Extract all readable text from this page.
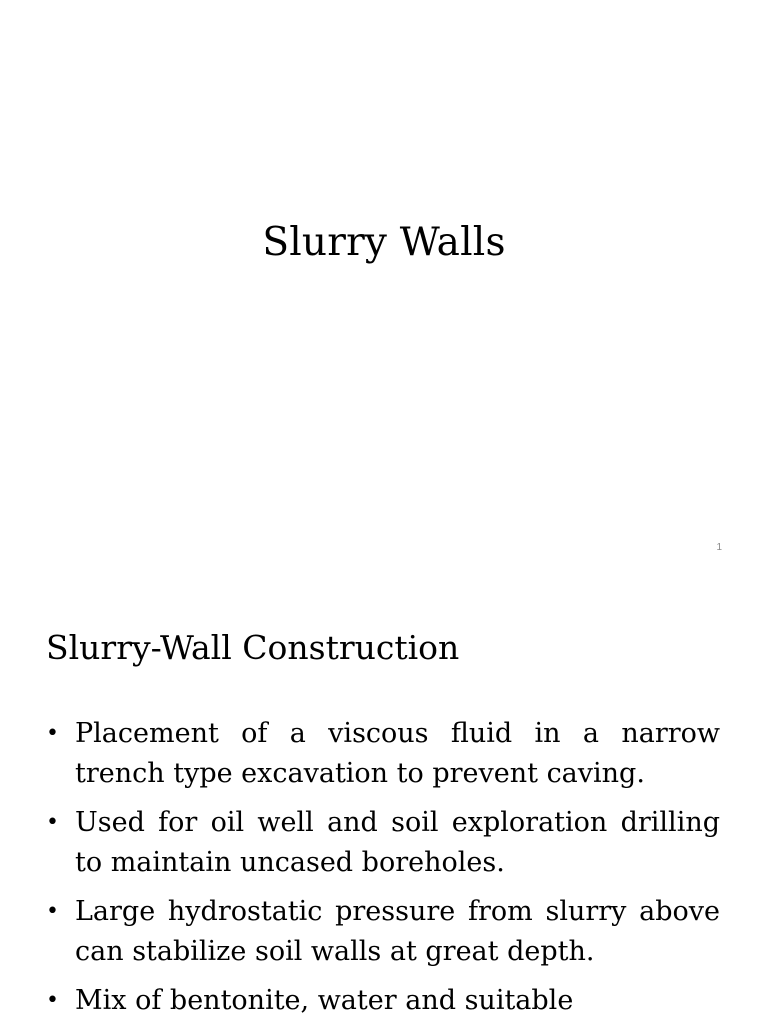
Slurry Walls
1
Slurry-Wall Construction
• Placement of a viscous fluid in a narrow trench type excavation to prevent caving.
• Used for oil well and soil exploration drilling to maintain uncased boreholes.
• Large hydrostatic pressure from slurry above can stabilize soil walls at great depth.
• Mix of bentonite, water and suitable
